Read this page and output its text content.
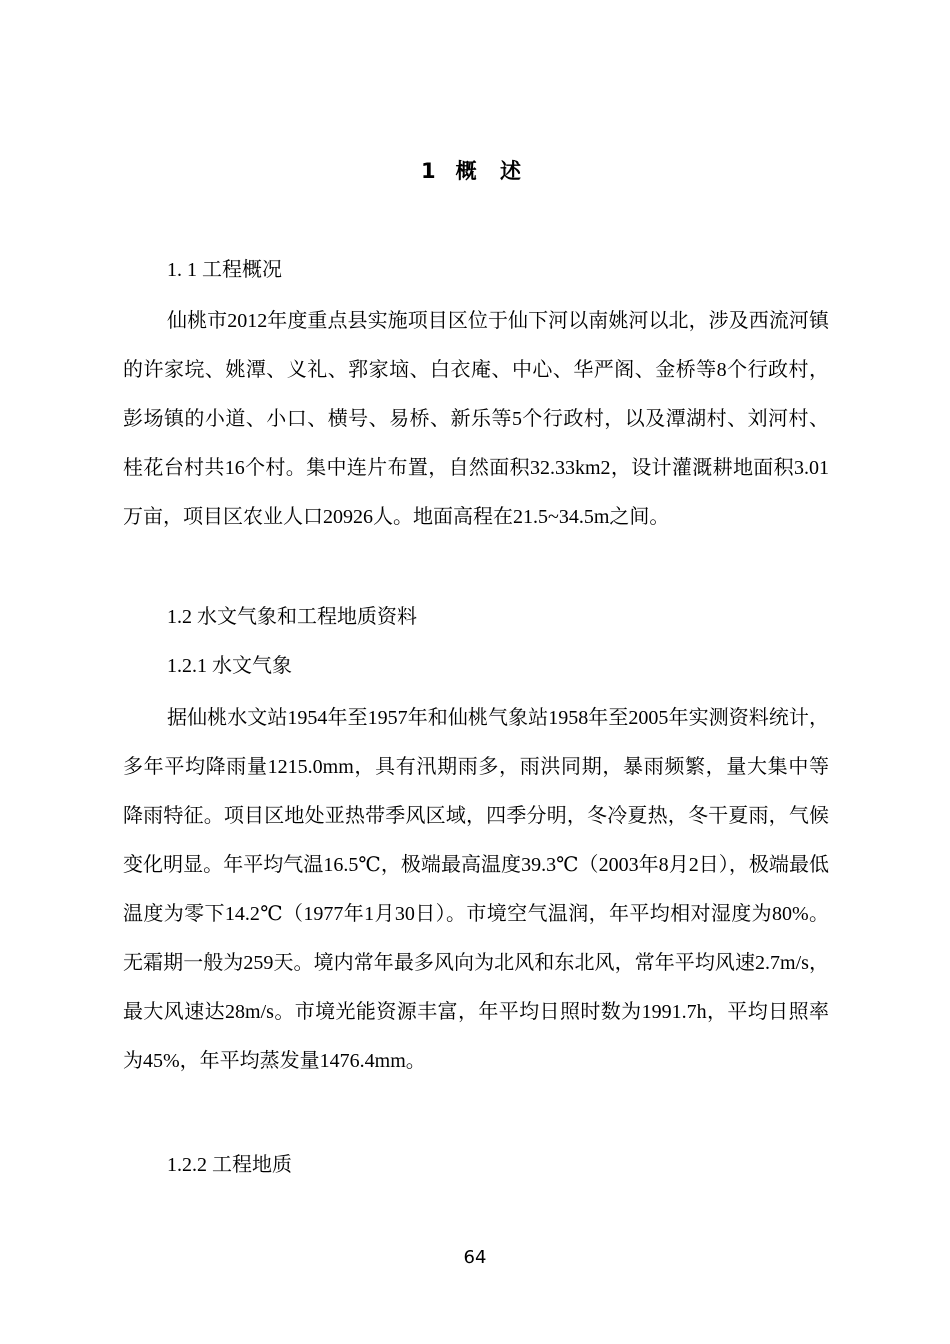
1 概 述
1. 1 工程概况

仙桃市2012年度重点县实施项目区位于仙下河以南姚河以北，涉及西流河镇的许家垸、姚潭、义礼、郛家垴、白衣庵、中心、华严阁、金桥等8个行政村，彭场镇的小道、小口、横号、易桥、新乐等5个行政村，以及潭湖村、刘河村、桂花台村共16个村。集中连片布置，自然面积32.33km2，设计灌溉耕地面积3.01万亩，项目区农业人口20926人。地面高程在21.5~34.5m之间。

1.2 水文气象和工程地质资料
1.2.1 水文气象

据仙桃水文站1954年至1957年和仙桃气象站1958年至2005年实测资料统计，多年平均降雨量1215.0mm，具有汛期雨多，雨洪同期，暴雨频繁，量大集中等降雨特征。项目区地处亚热带季风区域，四季分明，冬冷夏热，冬干夏雨，气候变化明显。年平均气温16.5℃，极端最高温度39.3℃（2003年8月2日），极端最低温度为零下14.2℃（1977年1月30日）。市境空气温润，年平均相对湿度为80%。无霜期一般为259天。境内常年最多风向为北风和东北风，常年平均风速2.7m/s，最大风速达28m/s。市境光能资源丰富，年平均日照时数为1991.7h，平均日照率为45%，年平均蒸发量1476.4mm。

1.2.2 工程地质
64
